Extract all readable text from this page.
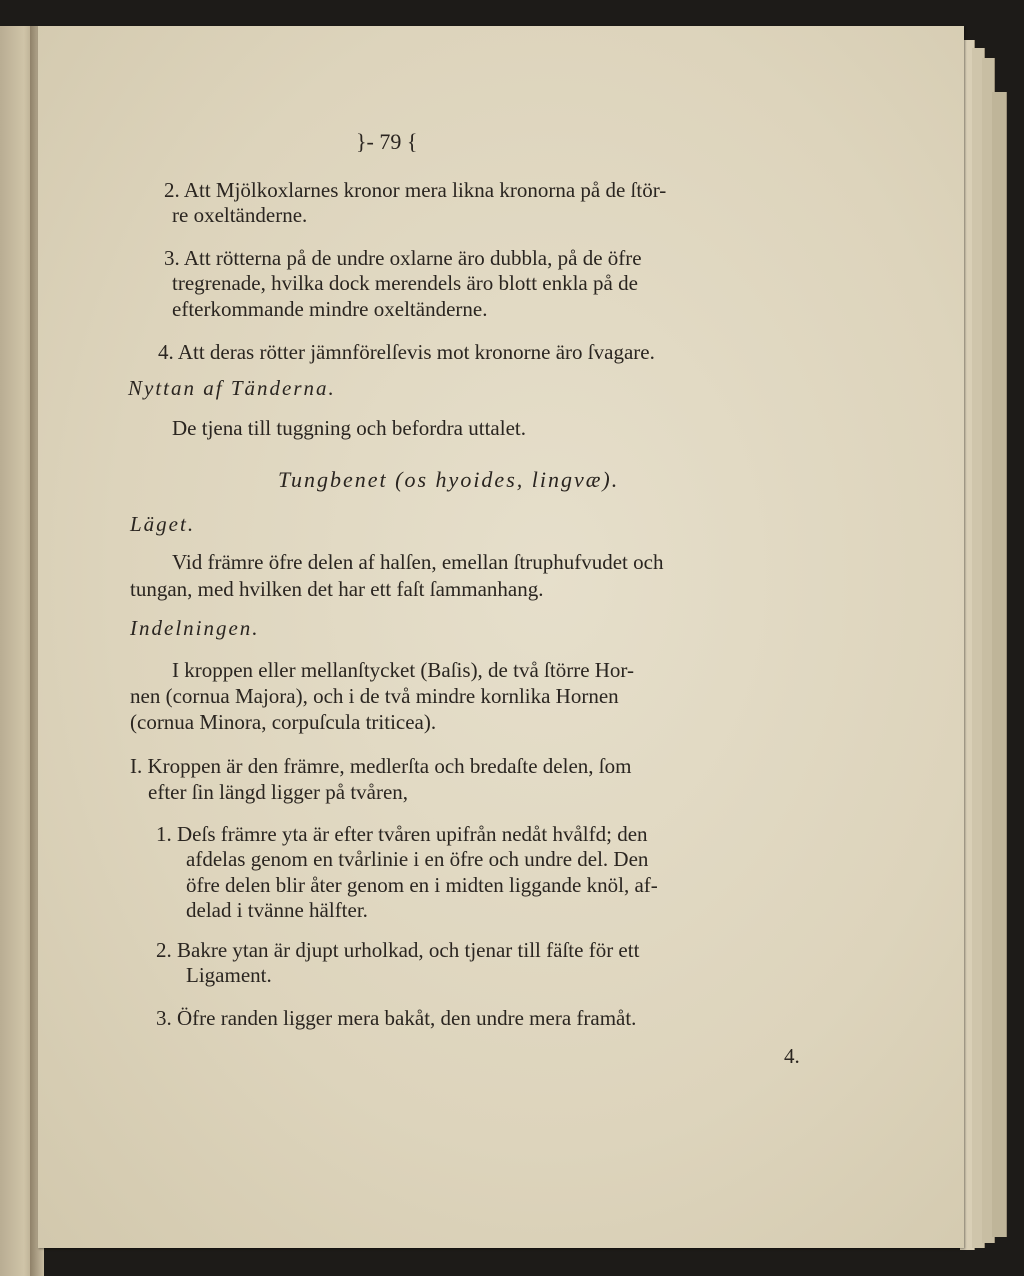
}- 79 {
2. Att Mjölkoxlarnes kronor mera likna kronorna på de ſtör-
re oxeltänderne.
3. Att rötterna på de undre oxlarne äro dubbla, på de öfre
tregrenade, hvilka dock merendels äro blott enkla på de
efterkommande mindre oxeltänderne.
4. Att deras rötter jämnförelſevis mot kronorne äro ſvagare.
Nyttan af Tänderna.
De tjena till tuggning och befordra uttalet.
Tungbenet (os hyoides, lingvæ).
Läget.
Vid främre öfre delen af halſen, emellan ſtruphufvudet och
tungan, med hvilken det har ett faſt ſammanhang.
Indelningen.
I kroppen eller mellanſtycket (Baſis), de två ſtörre Hor-
nen (cornua Majora), och i de två mindre kornlika Hornen
(cornua Minora, corpuſcula triticea).
I. Kroppen är den främre, medlerſta och bredaſte delen, ſom
efter ſin längd ligger på tvåren,
1. Deſs främre yta är efter tvåren upifrån nedåt hvålfd; den
afdelas genom en tvårlinie i en öfre och undre del. Den
öfre delen blir åter genom en i midten liggande knöl, af-
delad i tvänne hälfter.
2. Bakre ytan är djupt urholkad, och tjenar till fäſte för ett
Ligament.
3. Öfre randen ligger mera bakåt, den undre mera framåt.
4.
